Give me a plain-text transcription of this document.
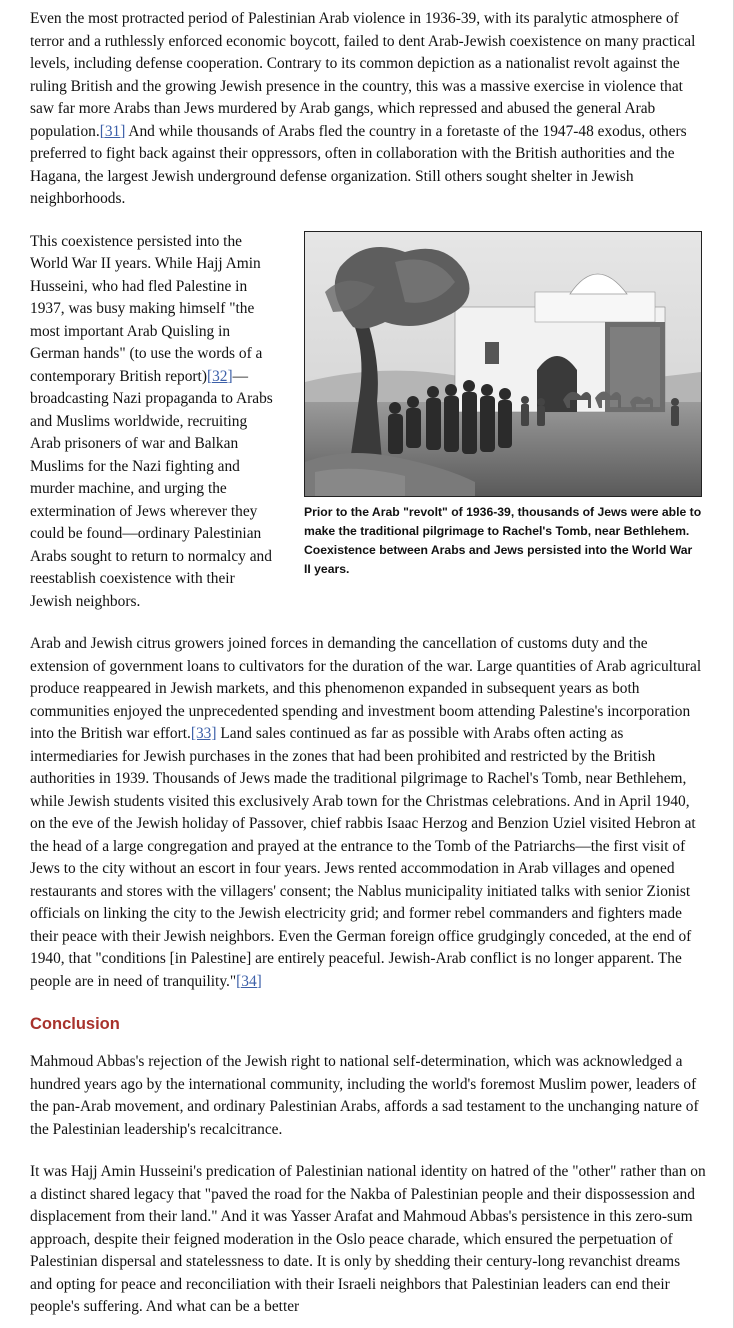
Even the most protracted period of Palestinian Arab violence in 1936-39, with its paralytic atmosphere of terror and a ruthlessly enforced economic boycott, failed to dent Arab-Jewish coexistence on many practical levels, including defense cooperation. Contrary to its common depiction as a nationalist revolt against the ruling British and the growing Jewish presence in the country, this was a massive exercise in violence that saw far more Arabs than Jews murdered by Arab gangs, which repressed and abused the general Arab population.[31] And while thousands of Arabs fled the country in a foretaste of the 1947-48 exodus, others preferred to fight back against their oppressors, often in collaboration with the British authorities and the Hagana, the largest Jewish underground defense organization. Still others sought shelter in Jewish neighborhoods.

This coexistence persisted into the World War II years. While Hajj Amin Husseini, who had fled Palestine in 1937, was busy making himself "the most important Arab Quisling in German hands" (to use the words of a contemporary British report)[32]—broadcasting Nazi propaganda to Arabs and Muslims worldwide, recruiting Arab prisoners of war and Balkan Muslims for the Nazi fighting and murder machine, and urging the extermination of Jews wherever they could be found—ordinary Palestinian Arabs sought to return to normalcy and reestablish coexistence with their Jewish neighbors.

Prior to the Arab "revolt" of 1936-39, thousands of Jews were able to make the traditional pilgrimage to Rachel's Tomb, near Bethlehem. Coexistence between Arabs and Jews persisted into the World War II years.

Arab and Jewish citrus growers joined forces in demanding the cancellation of customs duty and the extension of government loans to cultivators for the duration of the war. Large quantities of Arab agricultural produce reappeared in Jewish markets, and this phenomenon expanded in subsequent years as both communities enjoyed the unprecedented spending and investment boom attending Palestine's incorporation into the British war effort.[33] Land sales continued as far as possible with Arabs often acting as intermediaries for Jewish purchases in the zones that had been prohibited and restricted by the British authorities in 1939. Thousands of Jews made the traditional pilgrimage to Rachel's Tomb, near Bethlehem, while Jewish students visited this exclusively Arab town for the Christmas celebrations. And in April 1940, on the eve of the Jewish holiday of Passover, chief rabbis Isaac Herzog and Benzion Uziel visited Hebron at the head of a large congregation and prayed at the entrance to the Tomb of the Patriarchs—the first visit of Jews to the city without an escort in four years. Jews rented accommodation in Arab villages and opened restaurants and stores with the villagers' consent; the Nablus municipality initiated talks with senior Zionist officials on linking the city to the Jewish electricity grid; and former rebel commanders and fighters made their peace with their Jewish neighbors. Even the German foreign office grudgingly conceded, at the end of 1940, that "conditions [in Palestine] are entirely peaceful. Jewish-Arab conflict is no longer apparent. The people are in need of tranquility."[34]

Conclusion

Mahmoud Abbas's rejection of the Jewish right to national self-determination, which was acknowledged a hundred years ago by the international community, including the world's foremost Muslim power, leaders of the pan-Arab movement, and ordinary Palestinian Arabs, affords a sad testament to the unchanging nature of the Palestinian leadership's recalcitrance.

It was Hajj Amin Husseini's predication of Palestinian national identity on hatred of the "other" rather than on a distinct shared legacy that "paved the road for the Nakba of Palestinian people and their dispossession and displacement from their land." And it was Yasser Arafat and Mahmoud Abbas's persistence in this zero-sum approach, despite their feigned moderation in the Oslo peace charade, which ensured the perpetuation of Palestinian dispersal and statelessness to date. It is only by shedding their century-long revanchist dreams and opting for peace and reconciliation with their Israeli neighbors that Palestinian leaders can end their people's suffering. And what can be a better
